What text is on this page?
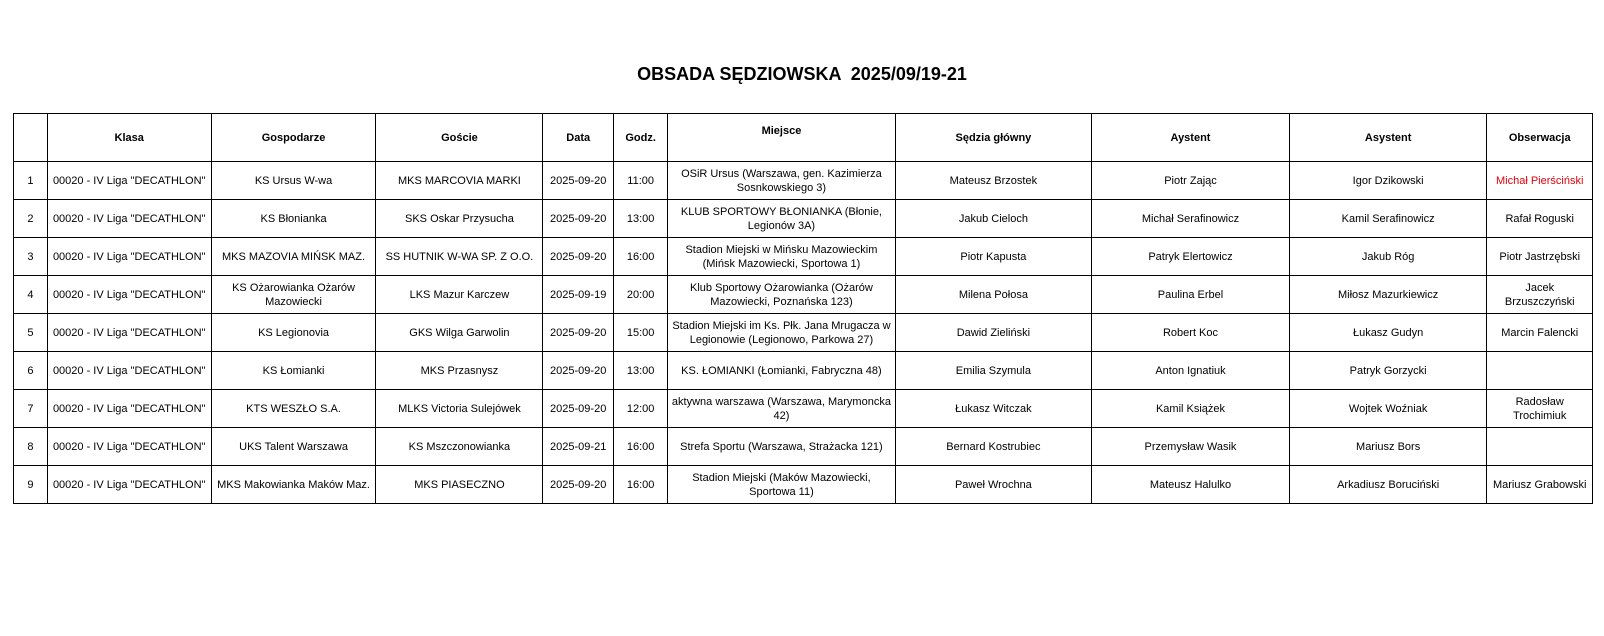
OBSADA SĘDZIOWSKA  2025/09/19-21
	Klasa	Gospodarze	Goście	Data	Godz.	Miejsce	Sędzia główny	Aystent	Asystent	Obserwacja
1	00020 - IV Liga "DECATHLON"	KS Ursus W-wa	MKS MARCOVIA MARKI	2025-09-20	11:00	OSiR Ursus (Warszawa, gen. Kazimierza Sosnkowskiego 3)	Mateusz Brzostek	Piotr Zając	Igor Dzikowski	Michał Pierściński
2	00020 - IV Liga "DECATHLON"	KS Błonianka	SKS Oskar Przysucha	2025-09-20	13:00	KLUB SPORTOWY BŁONIANKA (Błonie, Legionów 3A)	Jakub Cieloch	Michał Serafinowicz	Kamil Serafinowicz	Rafał Roguski
3	00020 - IV Liga "DECATHLON"	MKS MAZOVIA MIŃSK MAZ.	SS HUTNIK W-WA SP. Z O.O.	2025-09-20	16:00	Stadion Miejski w Mińsku Mazowieckim (Mińsk Mazowiecki, Sportowa 1)	Piotr Kapusta	Patryk Elertowicz	Jakub Róg	Piotr Jastrzębski
4	00020 - IV Liga "DECATHLON"	KS Ożarowianka Ożarów Mazowiecki	LKS Mazur Karczew	2025-09-19	20:00	Klub Sportowy Ożarowianka (Ożarów Mazowiecki, Poznańska 123)	Milena Połosa	Paulina Erbel	Miłosz Mazurkiewicz	Jacek Brzuszczyński
5	00020 - IV Liga "DECATHLON"	KS Legionovia	GKS Wilga Garwolin	2025-09-20	15:00	Stadion Miejski im Ks. Płk. Jana Mrugacza w Legionowie (Legionowo, Parkowa 27)	Dawid Zieliński	Robert Koc	Łukasz Gudyn	Marcin Falencki
6	00020 - IV Liga "DECATHLON"	KS Łomianki	MKS Przasnysz	2025-09-20	13:00	KS. ŁOMIANKI (Łomianki, Fabryczna 48)	Emilia Szymula	Anton Ignatiuk	Patryk Gorzycki	
7	00020 - IV Liga "DECATHLON"	KTS WESZŁO S.A.	MLKS Victoria Sulejówek	2025-09-20	12:00	aktywna warszawa (Warszawa, Marymoncka 42)	Łukasz Witczak	Kamil Książek	Wojtek Woźniak	Radosław Trochimiuk
8	00020 - IV Liga "DECATHLON"	UKS Talent Warszawa	KS Mszczonowianka	2025-09-21	16:00	Strefa Sportu (Warszawa, Strażacka 121)	Bernard Kostrubiec	Przemysław Wasik	Mariusz Bors	
9	00020 - IV Liga "DECATHLON"	MKS Makowianka Maków Maz.	MKS PIASECZNO	2025-09-20	16:00	Stadion Miejski (Maków Mazowiecki, Sportowa 11)	Paweł Wrochna	Mateusz Halulko	Arkadiusz Boruciński	Mariusz Grabowski
